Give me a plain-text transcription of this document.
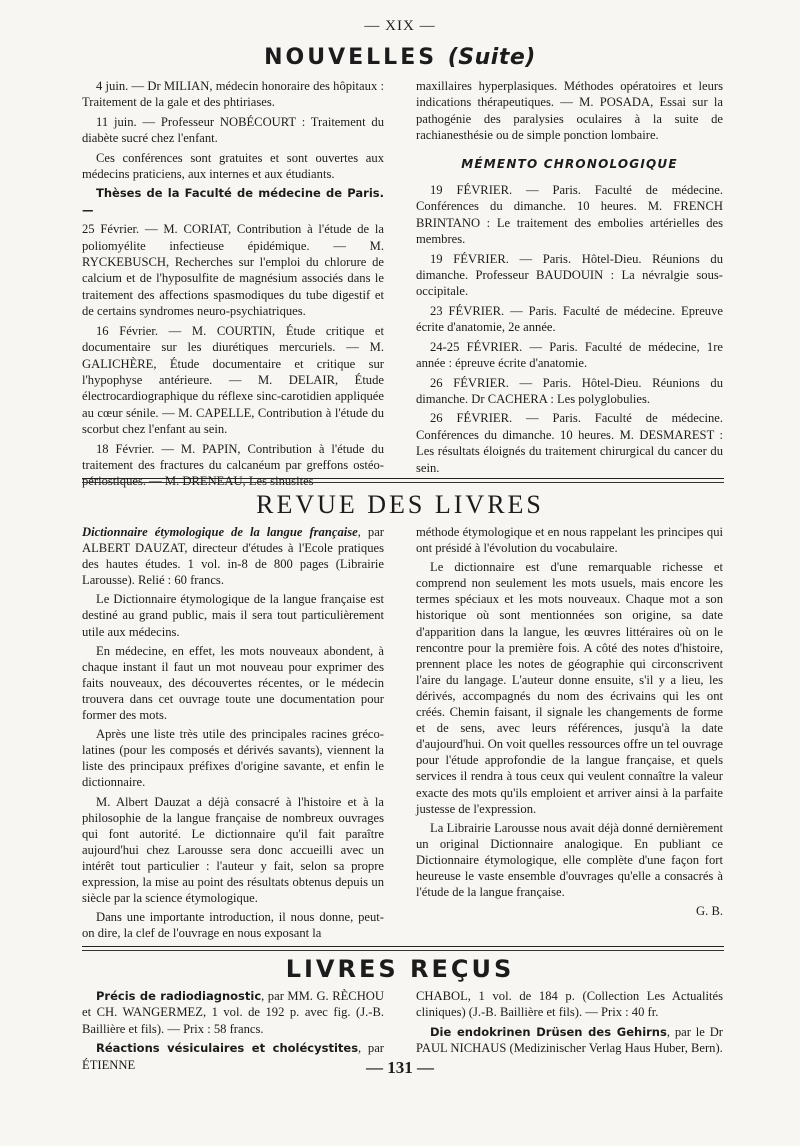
— XIX —
NOUVELLES (Suite)

4 juin. — Dr MILIAN, médecin honoraire des hôpitaux : Traitement de la gale et des phtiriases.

11 juin. — Professeur NOBÉCOURT : Traitement du diabète sucré chez l'enfant.

Ces conférences sont gratuites et sont ouvertes aux médecins praticiens, aux internes et aux étudiants.

Thèses de la Faculté de médecine de Paris. —

25 Février. — M. CORIAT, Contribution à l'étude de la poliomyélite infectieuse épidémique. — M. RYCKEBUSCH, Recherches sur l'emploi du chlorure de calcium et de l'hyposulfite de magnésium associés dans le traitement des affections spasmodiques du tube digestif et de certains syndromes neuro-psychiatriques.

16 Février. — M. COURTIN, Étude critique et documentaire sur les diurétiques mercuriels. — M. GALICHÈRE, Étude documentaire et critique sur l'hypophyse antérieure. — M. DELAIR, Étude électrocardiographique du réflexe sinc-carotidien appliquée au cœur sénile. — M. CAPELLE, Contribution à l'étude du scorbut chez l'enfant au sein.

18 Février. — M. PAPIN, Contribution à l'étude du traitement des fractures du calcanéum par greffons ostéo-périostiques. — M. DRENEAU, Les sinusites

maxillaires hyperplasiques. Méthodes opératoires et leurs indications thérapeutiques. — M. POSADA, Essai sur la pathogénie des paralysies oculaires à la suite de rachianesthésie ou de simple ponction lombaire.

MÉMENTO CHRONOLOGIQUE

19 FÉVRIER. — Paris. Faculté de médecine. Conférences du dimanche. 10 heures. M. FRENCH BRINTANO : Le traitement des embolies artérielles des membres.

19 FÉVRIER. — Paris. Hôtel-Dieu. Réunions du dimanche. Professeur BAUDOUIN : La névralgie sous-occipitale.

23 FÉVRIER. — Paris. Faculté de médecine. Epreuve écrite d'anatomie, 2e année.

24-25 FÉVRIER. — Paris. Faculté de médecine, 1re année : épreuve écrite d'anatomie.

26 FÉVRIER. — Paris. Hôtel-Dieu. Réunions du dimanche. Dr CACHERA : Les polyglobulies.

26 FÉVRIER. — Paris. Faculté de médecine. Conférences du dimanche. 10 heures. M. DESMAREST : Les résultats éloignés du traitement chirurgical du cancer du sein.

REVUE DES LIVRES

Dictionnaire étymologique de la langue française, par ALBERT DAUZAT, directeur d'études à l'Ecole pratiques des hautes études. 1 vol. in-8 de 800 pages (Librairie Larousse). Relié : 60 francs.

Le Dictionnaire étymologique de la langue française est destiné au grand public, mais il sera tout particulièrement utile aux médecins.

En médecine, en effet, les mots nouveaux abondent, à chaque instant il faut un mot nouveau pour exprimer des faits nouveaux, des découvertes récentes, or le médecin trouvera dans cet ouvrage toute une documentation pour former des mots.

Après une liste très utile des principales racines gréco-latines (pour les composés et dérivés savants), viennent la liste des principaux préfixes d'origine savante, et enfin le dictionnaire.

M. Albert Dauzat a déjà consacré à l'histoire et à la philosophie de la langue française de nombreux ouvrages qui font autorité. Le dictionnaire qu'il fait paraître aujourd'hui chez Larousse sera donc accueilli avec un intérêt tout particulier : l'auteur y fait, selon sa propre expression, la mise au point des résultats obtenus depuis un siècle par la science étymologique.

Dans une importante introduction, il nous donne, peut-on dire, la clef de l'ouvrage en nous exposant la

méthode étymologique et en nous rappelant les principes qui ont présidé à l'évolution du vocabulaire.

Le dictionnaire est d'une remarquable richesse et comprend non seulement les mots usuels, mais encore les termes spéciaux et les mots nouveaux. Chaque mot a son historique où sont mentionnées son origine, sa date d'apparition dans la langue, les œuvres littéraires où on le rencontre pour la première fois. A côté des notes d'histoire, prennent place les notes de géographie qui circonscrivent l'aire du langage. L'auteur donne ensuite, s'il y a lieu, les dérivés, accompagnés du nom des écrivains qui les ont créés. Chemin faisant, il signale les changements de forme et de sens, avec leurs références, jusqu'à la date d'aujourd'hui. On voit quelles ressources offre un tel ouvrage pour l'étude approfondie de la langue française, et quels services il rendra à tous ceux qui veulent connaître la valeur exacte des mots qu'ils emploient et arriver ainsi à la parfaite justesse de l'expression.

La Librairie Larousse nous avait déjà donné dernièrement un original Dictionnaire analogique. En publiant ce Dictionnaire étymologique, elle complète d'une façon fort heureuse le vaste ensemble d'ouvrages qu'elle a consacrés à l'étude de la langue française.

G. B.

LIVRES REÇUS

Précis de radiodiagnostic, par MM. G. RÈCHOU et CH. WANGERMEZ, 1 vol. de 192 p. avec fig. (J.-B. Baillière et fils). — Prix : 58 francs.

Réactions vésiculaires et cholécystites, par ÉTIENNE

CHABOL, 1 vol. de 184 p. (Collection Les Actualités cliniques) (J.-B. Baillière et fils). — Prix : 40 fr.

Die endokrinen Drüsen des Gehirns, par le Dr PAUL NICHAUS (Medizinischer Verlag Haus Huber, Bern).

— 131 —
